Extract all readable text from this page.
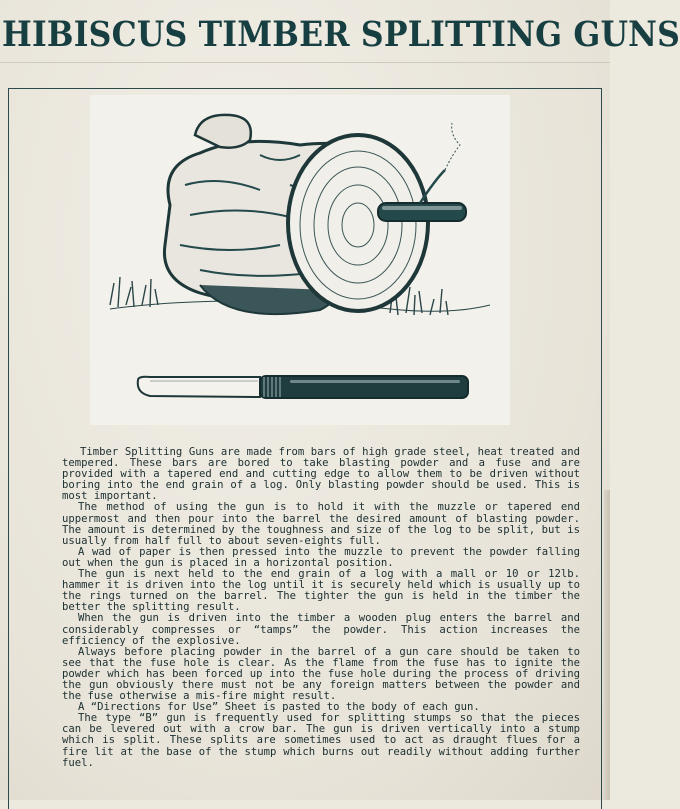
HIBISCUS TIMBER SPLITTING GUNS

Timber Splitting Guns are made from bars of high grade steel, heat treated and tempered. These bars are bored to take blasting powder and a fuse and are provided with a tapered end and cutting edge to allow them to be driven without boring into the end grain of a log. Only blasting powder should be used. This is most important.

The method of using the gun is to hold it with the muzzle or tapered end uppermost and then pour into the barrel the desired amount of blasting powder. The amount is determined by the toughness and size of the log to be split, but is usually from half full to about seven-eights full.

A wad of paper is then pressed into the muzzle to prevent the powder falling out when the gun is placed in a horizontal position.

The gun is next held to the end grain of a log with a mall or 10 or 12lb. hammer it is driven into the log until it is securely held which is usually up to the rings turned on the barrel. The tighter the gun is held in the timber the better the splitting result.

When the gun is driven into the timber a wooden plug enters the barrel and considerably compresses or “tamps” the powder. This action increases the efficiency of the explosive.

Always before placing powder in the barrel of a gun care should be taken to see that the fuse hole is clear. As the flame from the fuse has to ignite the powder which has been forced up into the fuse hole during the process of driving the gun obviously there must not be any foreign matters between the powder and the fuse otherwise a mis-fire might result.

A “Directions for Use” Sheet is pasted to the body of each gun.

The type “B” gun is frequently used for splitting stumps so that the pieces can be levered out with a crow bar. The gun is driven vertically into a stump which is split. These splits are sometimes used to act as draught flues for a fire lit at the base of the stump which burns out readily without adding further fuel.
